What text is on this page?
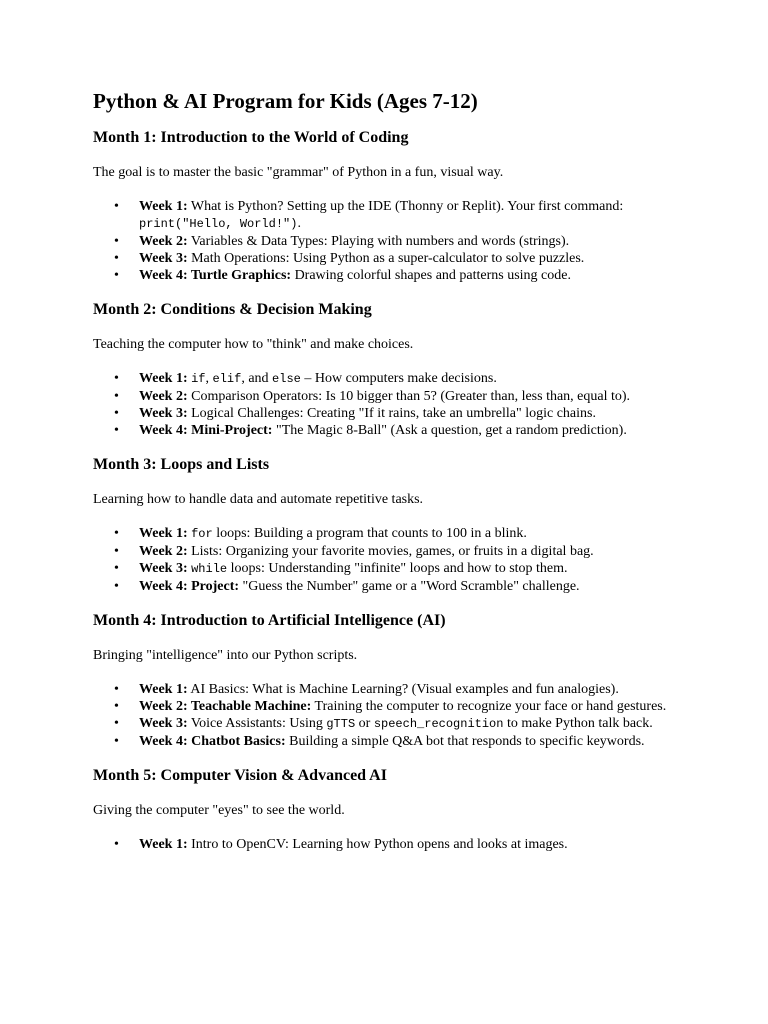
Python & AI Program for Kids (Ages 7-12)
Month 1: Introduction to the World of Coding

The goal is to master the basic "grammar" of Python in a fun, visual way.

• Week 1: What is Python? Setting up the IDE (Thonny or Replit). Your first command: print("Hello, World!").
• Week 2: Variables & Data Types: Playing with numbers and words (strings).
• Week 3: Math Operations: Using Python as a super-calculator to solve puzzles.
• Week 4: Turtle Graphics: Drawing colorful shapes and patterns using code.
Month 2: Conditions & Decision Making

Teaching the computer how to "think" and make choices.

• Week 1: if, elif, and else – How computers make decisions.
• Week 2: Comparison Operators: Is 10 bigger than 5? (Greater than, less than, equal to).
• Week 3: Logical Challenges: Creating "If it rains, take an umbrella" logic chains.
• Week 4: Mini-Project: "The Magic 8-Ball" (Ask a question, get a random prediction).
Month 3: Loops and Lists

Learning how to handle data and automate repetitive tasks.

• Week 1: for loops: Building a program that counts to 100 in a blink.
• Week 2: Lists: Organizing your favorite movies, games, or fruits in a digital bag.
• Week 3: while loops: Understanding "infinite" loops and how to stop them.
• Week 4: Project: "Guess the Number" game or a "Word Scramble" challenge.
Month 4: Introduction to Artificial Intelligence (AI)

Bringing "intelligence" into our Python scripts.

• Week 1: AI Basics: What is Machine Learning? (Visual examples and fun analogies).
• Week 2: Teachable Machine: Training the computer to recognize your face or hand gestures.
• Week 3: Voice Assistants: Using gTTS or speech_recognition to make Python talk back.
• Week 4: Chatbot Basics: Building a simple Q&A bot that responds to specific keywords.
Month 5: Computer Vision & Advanced AI

Giving the computer "eyes" to see the world.

• Week 1: Intro to OpenCV: Learning how Python opens and looks at images.
